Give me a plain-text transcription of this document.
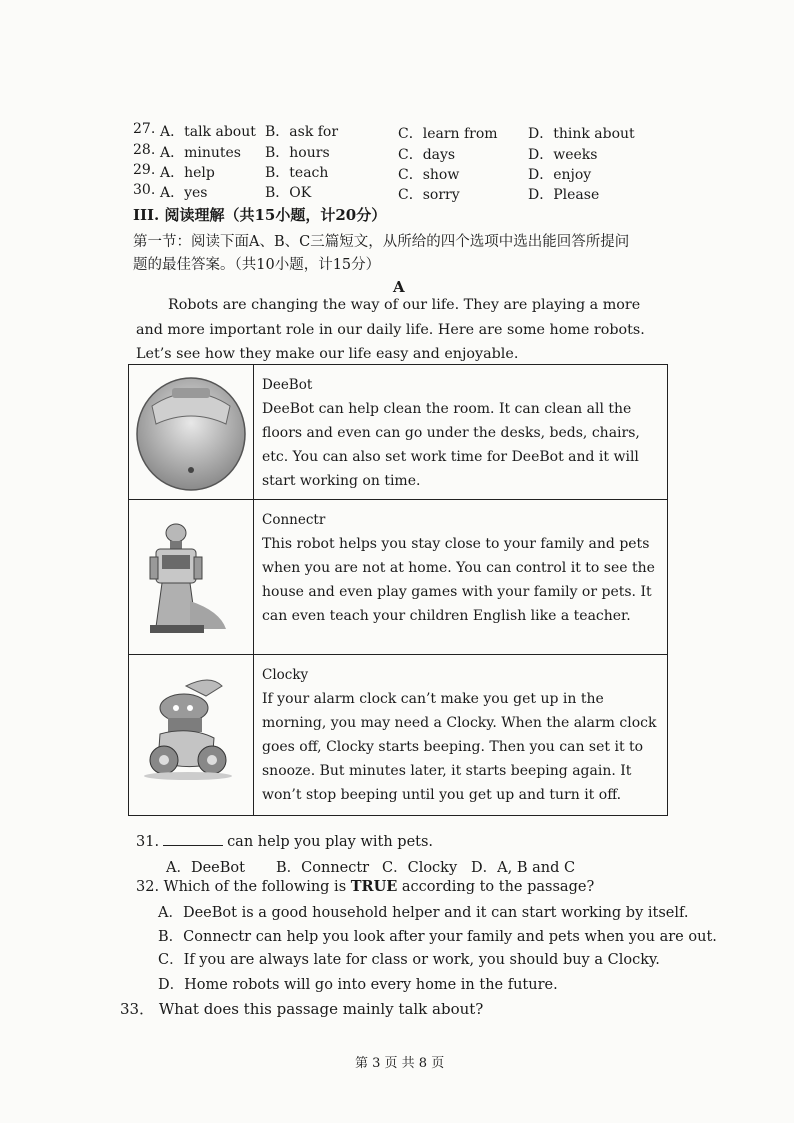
27. A．talk about B．ask for	C．learn from D．think about
28. A．minutes B．hours	C．days	D．weeks
29. A．help	B．teach	C．show	D．enjoy
30. A．yes	B．OK	C．sorry	D．Please
III. 阅读理解（共15小题，计20分）
第一节：阅读下面A、B、C三篇短文，从所给的四个选项中选出能回答所提问
题的最佳答案。（共10小题，计15分）
A
Robots are changing the way of our life. They are playing a more and more important role in our daily life. Here are some home robots. Let’s see how they make our life easy and enjoyable.

DeeBot
DeeBot can help clean the room. It can clean all the floors and even can go under the desks, beds, chairs, etc. You can also set work time for DeeBot and it will start working on time.

Connectr
This robot helps you stay close to your family and pets when you are not at home. You can control it to see the house and even play games with your family or pets. It can even teach your children English like a teacher.

Clocky
If your alarm clock can’t make you get up in the morning, you may need a Clocky. When the alarm clock goes off, Clocky starts beeping. Then you can set it to snooze. But minutes later, it starts beeping again. It won’t stop beeping until you get up and turn it off.
31.	can help you play with pets.
A．DeeBot B．Connectr C．Clocky D．A, B and C
32. Which of the following is TRUE according to the passage?
A．DeeBot is a good household helper and it can start working by itself.
B．Connectr can help you look after your family and pets when you are out.
C．If you are always late for class or work, you should buy a Clocky.
D．Home robots will go into every home in the future.
33． What does this passage mainly talk about?
第 3 页 共 8 页
